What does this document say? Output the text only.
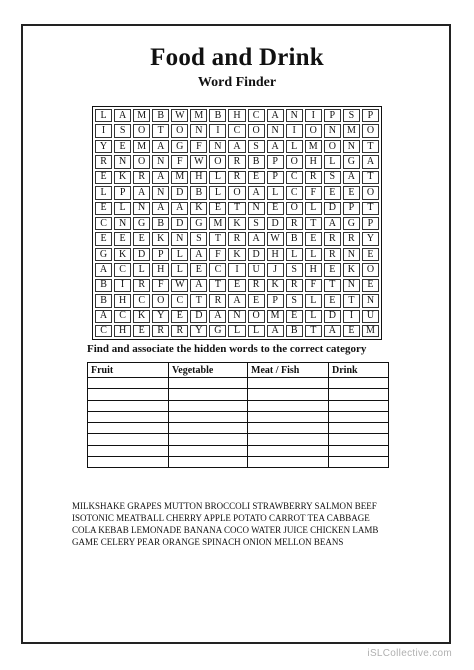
Food and Drink
Word Finder
L	A	M	B	W M	B	H	C	A	N	I	P	S	P
I	S	O	T	O	N	I	C	O	N	I	O	N	M	O
Y	E	M	A	G	F	N	A	S	A	L	M	O	N	T
R	N	O	N	F	W	O	R	B	P	O	H	L	G	A
E	K	R	A	M	H	L	R	E	P	C	R	S	A	T
L	P	A	N	D	B	L	O	A	L	C	F	E	E	O
E	L	N	A	A	K	E	T	N	E	O	L	D	P	T
C	N	G	B	D	G	M	K	S	D	R	T	A	G	P
E	E	E	K	N	S	T	R	A	W	B	E	R	R	Y
G	K	D	P	L	A	F	K	D	H	L	L	R	N	E
A	C	L	H	L	E	C	I	U	J	S	H	E	K	O
B	I	R	F	W	A	T	E	R	K	R	F	T	N	E
B	H	C	O	C	T	R	A	E	P	S	L	E	T	N
A	C	K	Y	E	D	A	N	O	M	E	L	D	I	U
C	H	E	R	R	Y	G	L	L	A	B	T	A	E	M
Find and associate the hidden words to the correct category
Fruit	Vegetable	Meat / Fish	Drink

MILKSHAKE GRAPES MUTTON BROCCOLI STRAWBERRY SALMON BEEF
ISOTONIC MEATBALL CHERRY APPLE POTATO CARROT TEA CABBAGE
COLA KEBAB LEMONADE BANANA COCO WATER JUICE CHICKEN LAMB
GAME CELERY PEAR ORANGE SPINACH ONION MELLON BEANS
iSLCollective.com
